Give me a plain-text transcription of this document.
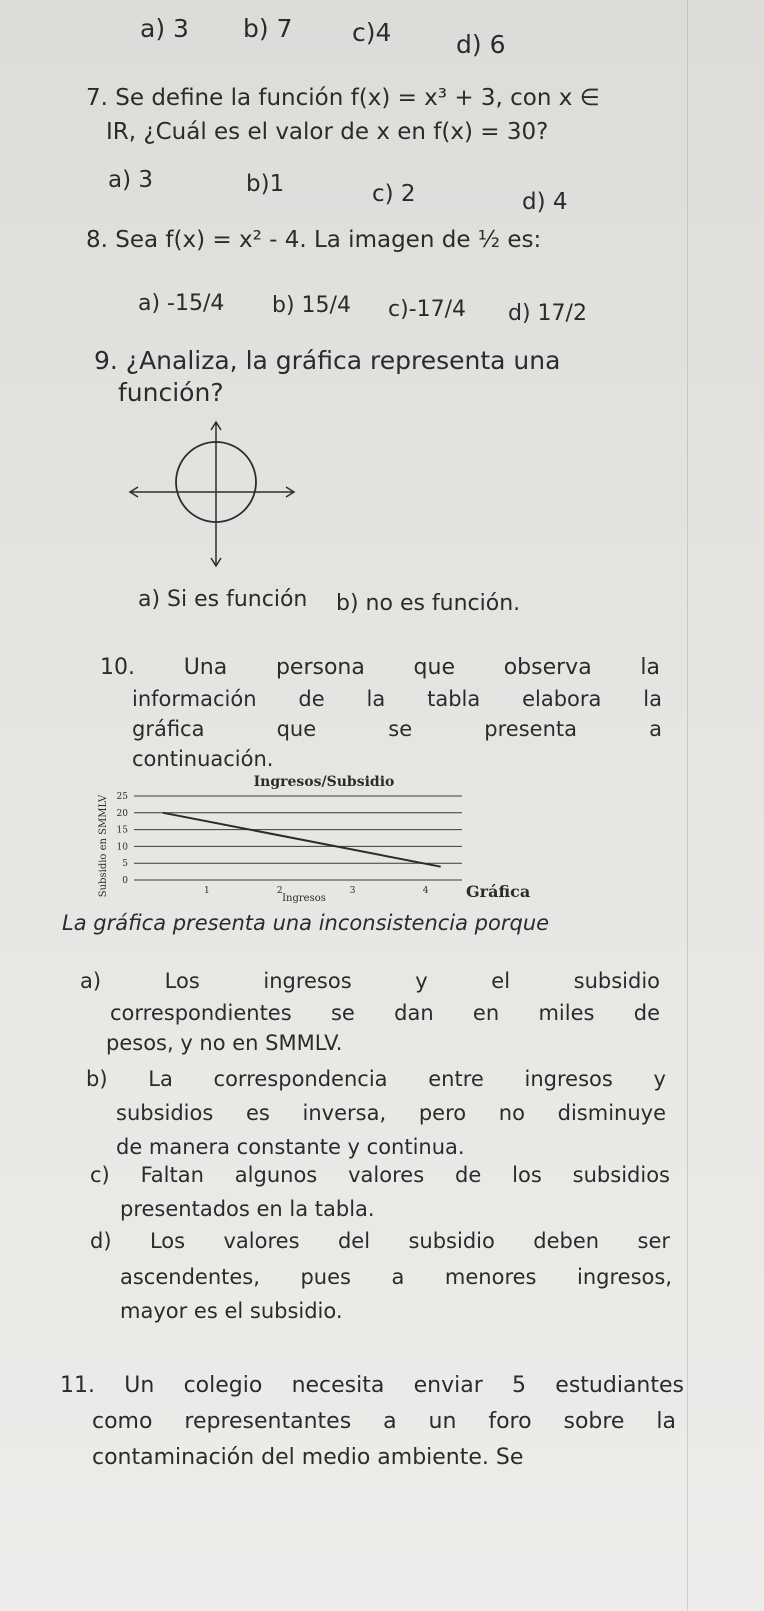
a) 3 b) 7 c)4	d) 6
7. Se define la función f(x) = x³ + 3, con x ∈
IR, ¿Cuál es el valor de x en f(x) = 30?
a) 3	b)1	c) 2	d) 4
8. Sea f(x) = x² - 4. La imagen de ½ es:
a) -15/4 b) 15/4 c)-17/4 d) 17/2
9. ¿Analiza, la gráfica representa una
función?
a) Si es función b) no es función.
10. Una persona que observa la
información de la tabla elabora la
gráfica que se presenta a
continuación.
Ingresos/Subsidio
Subsidio en SMMLV
Ingresos
0
5
10
15
20
25
1	2	3	4 Gráfica
La gráfica presenta una inconsistencia porque
a) Los ingresos y el subsidio
correspondientes se dan en miles de
pesos, y no en SMMLV.
b) La correspondencia entre ingresos y
subsidios es inversa, pero no disminuye
de manera constante y continua.
c) Faltan algunos valores de los subsidios
presentados en la tabla.
d) Los valores del subsidio deben ser
ascendentes, pues a menores ingresos,
mayor es el subsidio.
11. Un colegio necesita enviar 5 estudiantes
como representantes a un foro sobre la
contaminación del medio ambiente. Se
